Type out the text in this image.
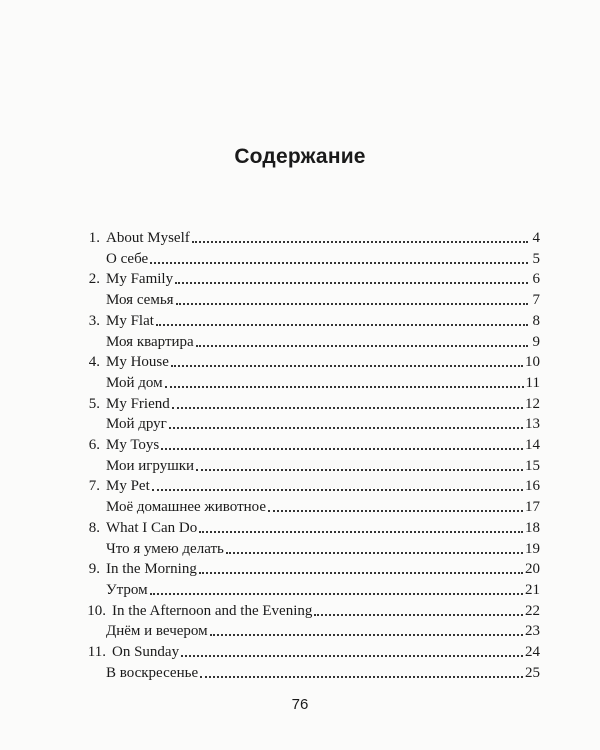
Содержание
1. About Myself	4
О себе	5
2. My Family	6
Моя семья	7
3. My Flat	8
Моя квартира	9
4. My House	10
Мой дом	11
5. My Friend	12
Мой друг	13
6. My Toys	14
Мои игрушки	15
7. My Pet	16
Моё домашнее животное	17
8. What I Can Do	18
Что я умею делать	19
9. In the Morning	20
Утром	21
10. In the Afternoon and the Evening	22
Днём и вечером	23
11. On Sunday	24
В воскресенье	25
76
